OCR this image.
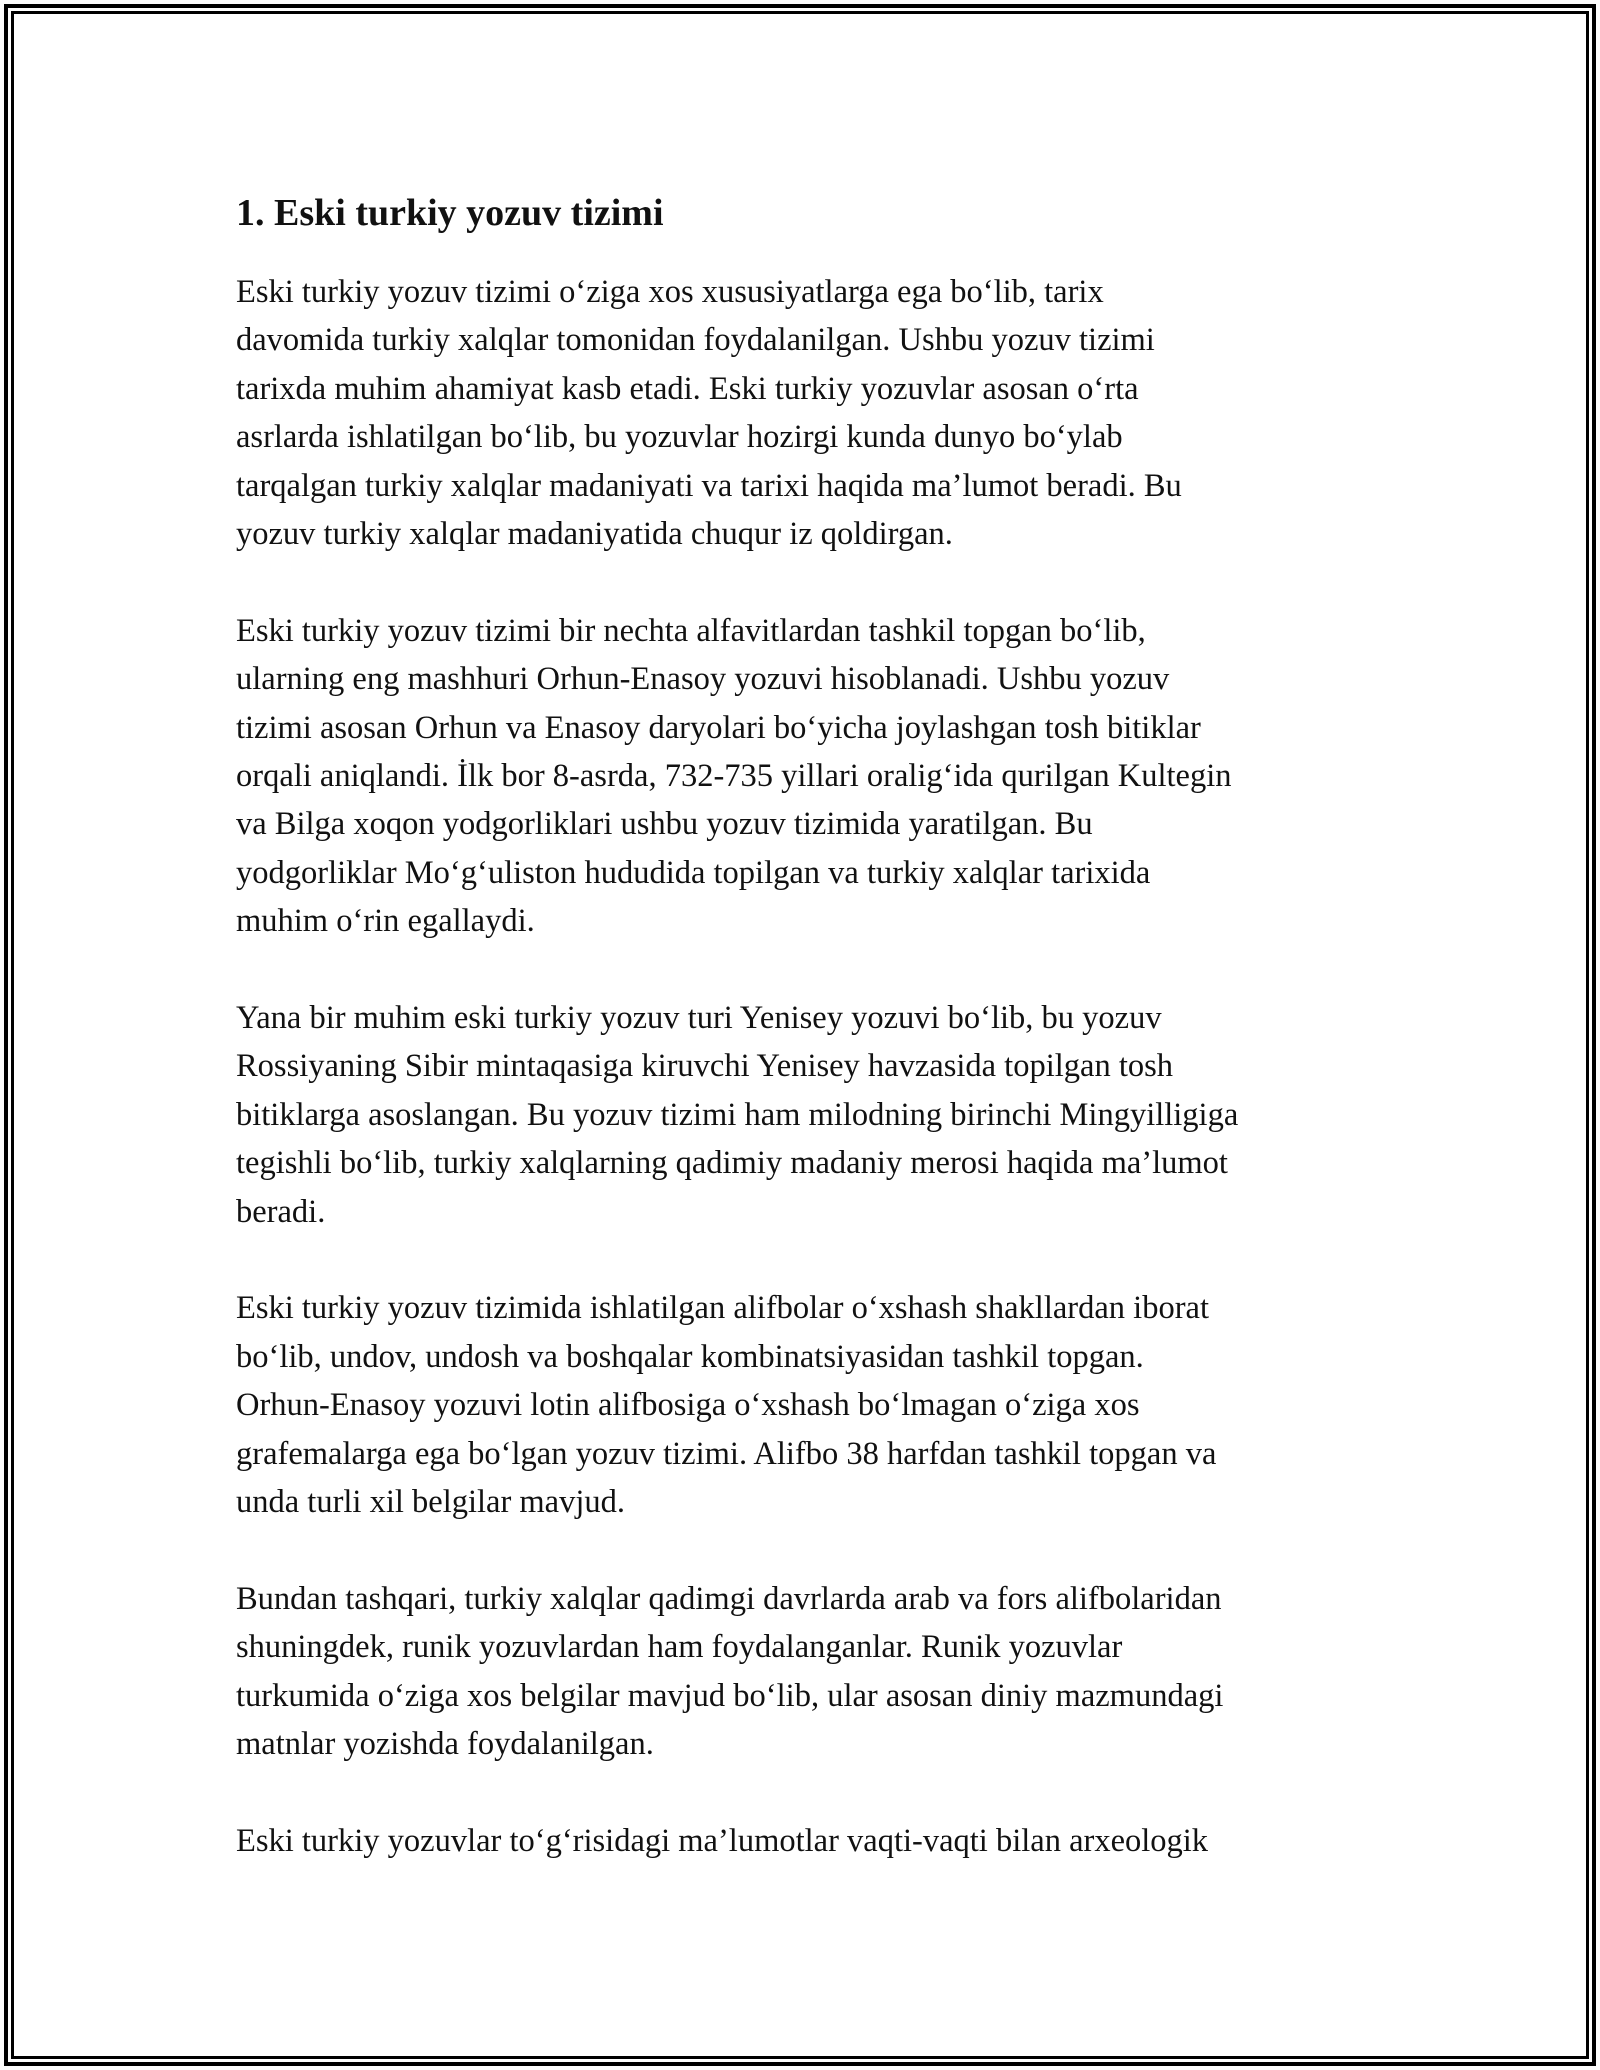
1. Eski turkiy yozuv tizimi

Eski turkiy yozuv tizimi o‘ziga xos xususiyatlarga ega bo‘lib, tarix
davomida turkiy xalqlar tomonidan foydalanilgan. Ushbu yozuv tizimi
tarixda muhim ahamiyat kasb etadi. Eski turkiy yozuvlar asosan o‘rta
asrlarda ishlatilgan bo‘lib, bu yozuvlar hozirgi kunda dunyo bo‘ylab
tarqalgan turkiy xalqlar madaniyati va tarixi haqida ma’lumot beradi. Bu
yozuv turkiy xalqlar madaniyatida chuqur iz qoldirgan.

Eski turkiy yozuv tizimi bir nechta alfavitlardan tashkil topgan bo‘lib,
ularning eng mashhuri Orhun-Enasoy yozuvi hisoblanadi. Ushbu yozuv
tizimi asosan Orhun va Enasoy daryolari bo‘yicha joylashgan tosh bitiklar
orqali aniqlandi. İlk bor 8-asrda, 732-735 yillari oralig‘ida qurilgan Kultegin
va Bilga xoqon yodgorliklari ushbu yozuv tizimida yaratilgan. Bu
yodgorliklar Mo‘g‘uliston hududida topilgan va turkiy xalqlar tarixida
muhim o‘rin egallaydi.

Yana bir muhim eski turkiy yozuv turi Yenisey yozuvi bo‘lib, bu yozuv
Rossiyaning Sibir mintaqasiga kiruvchi Yenisey havzasida topilgan tosh
bitiklarga asoslangan. Bu yozuv tizimi ham milodning birinchi Mingyilligiga
tegishli bo‘lib, turkiy xalqlarning qadimiy madaniy merosi haqida ma’lumot
beradi.

Eski turkiy yozuv tizimida ishlatilgan alifbolar o‘xshash shakllardan iborat
bo‘lib, undov, undosh va boshqalar kombinatsiyasidan tashkil topgan.
Orhun-Enasoy yozuvi lotin alifbosiga o‘xshash bo‘lmagan o‘ziga xos
grafemalarga ega bo‘lgan yozuv tizimi. Alifbo 38 harfdan tashkil topgan va
unda turli xil belgilar mavjud.

Bundan tashqari, turkiy xalqlar qadimgi davrlarda arab va fors alifbolaridan
shuningdek, runik yozuvlardan ham foydalanganlar. Runik yozuvlar
turkumida o‘ziga xos belgilar mavjud bo‘lib, ular asosan diniy mazmundagi
matnlar yozishda foydalanilgan.

Eski turkiy yozuvlar to‘g‘risidagi ma’lumotlar vaqti-vaqti bilan arxeologik
